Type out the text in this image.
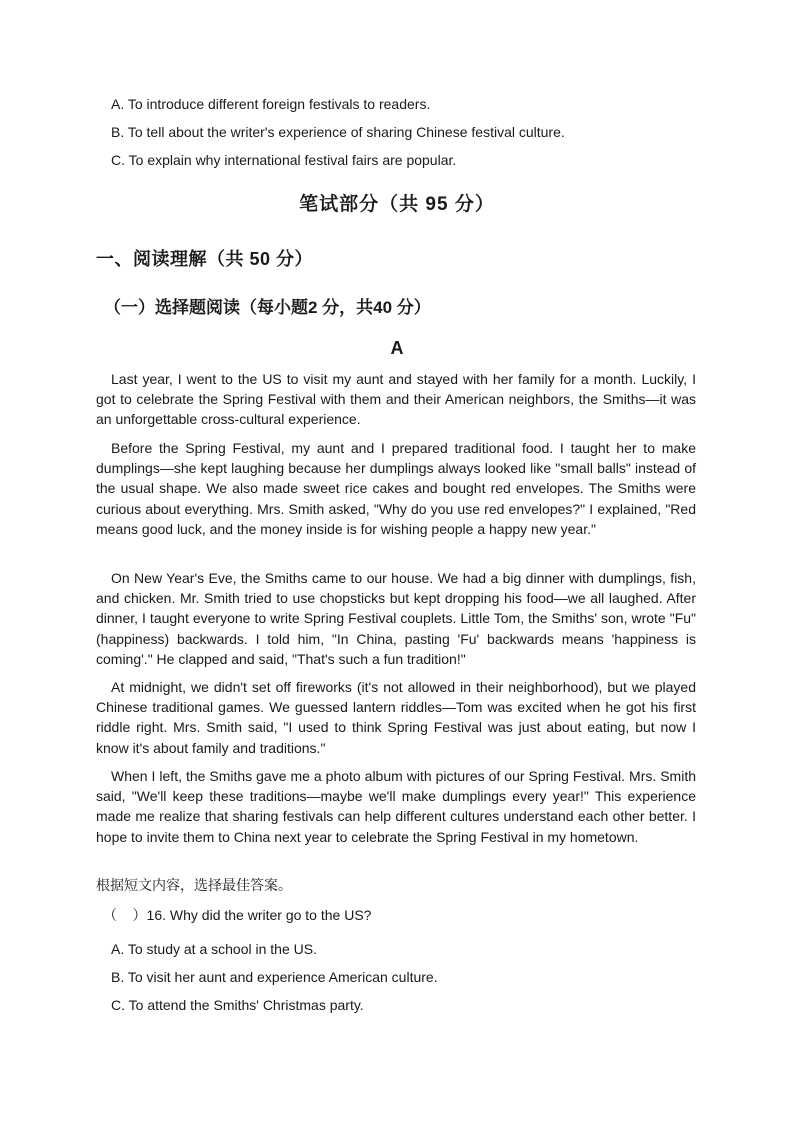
A. To introduce different foreign festivals to readers.
B. To tell about the writer's experience of sharing Chinese festival culture.
C. To explain why international festival fairs are popular.
笔试部分（共 95 分）
一、阅读理解（共 50 分）
（一）选择题阅读（每小题2 分，共40 分）
A

Last year, I went to the US to visit my aunt and stayed with her family for a month. Luckily, I got to celebrate the Spring Festival with them and their American neighbors, the Smiths—it was an unforgettable cross-cultural experience.

Before the Spring Festival, my aunt and I prepared traditional food. I taught her to make dumplings—she kept laughing because her dumplings always looked like "small balls" instead of the usual shape. We also made sweet rice cakes and bought red envelopes. The Smiths were curious about everything. Mrs. Smith asked, "Why do you use red envelopes?" I explained, "Red means good luck, and the money inside is for wishing people a happy new year."

On New Year's Eve, the Smiths came to our house. We had a big dinner with dumplings, fish, and chicken. Mr. Smith tried to use chopsticks but kept dropping his food—we all laughed. After dinner, I taught everyone to write Spring Festival couplets. Little Tom, the Smiths' son, wrote "Fu" (happiness) backwards. I told him, "In China, pasting 'Fu' backwards means 'happiness is coming'." He clapped and said, "That's such a fun tradition!"

At midnight, we didn't set off fireworks (it's not allowed in their neighborhood), but we played Chinese traditional games. We guessed lantern riddles—Tom was excited when he got his first riddle right. Mrs. Smith said, "I used to think Spring Festival was just about eating, but now I know it's about family and traditions."

When I left, the Smiths gave me a photo album with pictures of our Spring Festival. Mrs. Smith said, "We'll keep these traditions—maybe we'll make dumplings every year!" This experience made me realize that sharing festivals can help different cultures understand each other better. I hope to invite them to China next year to celebrate the Spring Festival in my hometown.

根据短文内容，选择最佳答案。
（    ）16. Why did the writer go to the US?
A. To study at a school in the US.
B. To visit her aunt and experience American culture.
C. To attend the Smiths' Christmas party.
